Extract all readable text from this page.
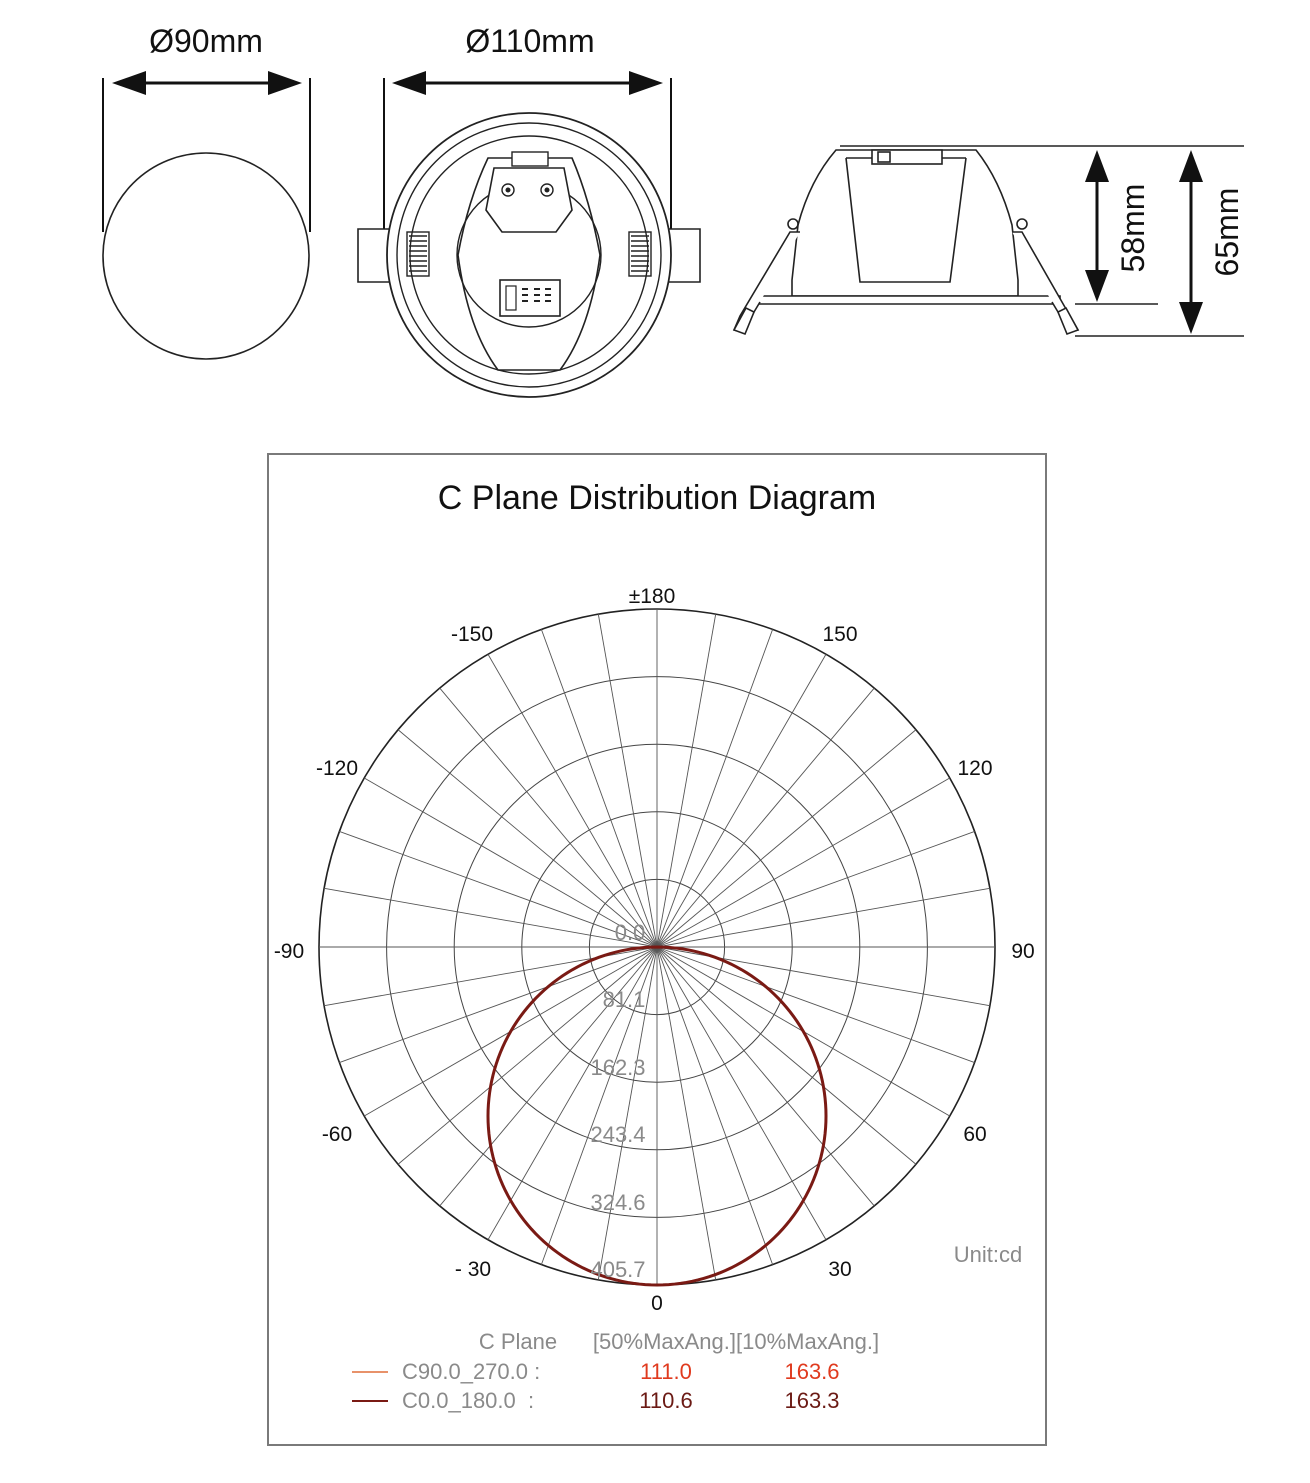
Ø90mm	Ø110mm
58mm 65mm
C Plane Distribution Diagram
±180
-150	150
-120	120
-90	90
-60	60
- 30	30
0
0.0
81.1
162.3
243.4
324.6
405.7
Unit:cd
C Plane [50%MaxAng.][10%MaxAng.]
C90.0_270.0 :	111.0	163.6
C0.0_180.0  :	110.6	163.3
